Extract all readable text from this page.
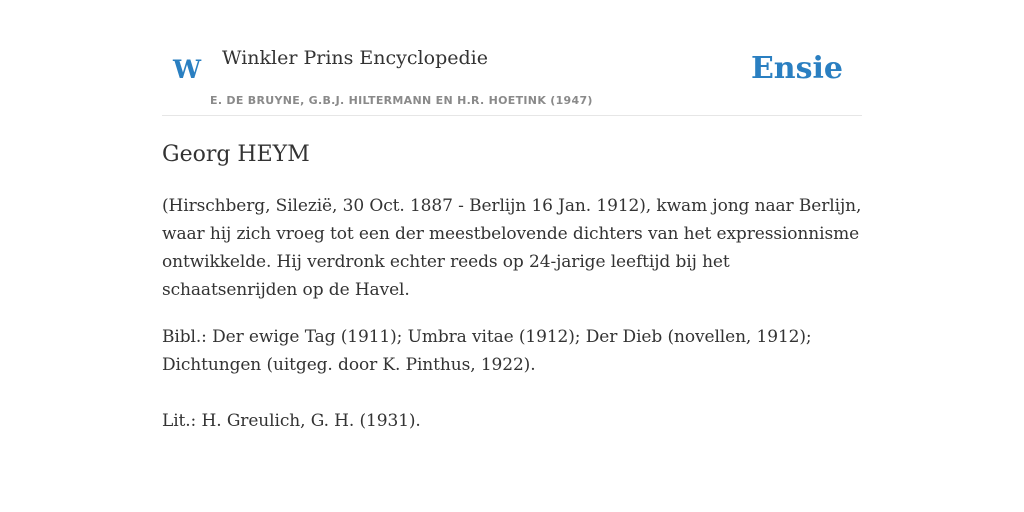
W Winkler Prins Encyclopedie
E. DE BRUYNE, G.B.J. HILTERMANN EN H.R. HOETINK (1947)
Ensie
Georg HEYM

(Hirschberg, Silezië, 30 Oct. 1887 - Berlijn 16 Jan. 1912), kwam jong naar Berlijn, waar hij zich vroeg tot een der meestbelovende dichters van het expressionnisme ontwikkelde. Hij verdronk echter reeds op 24-jarige leeftijd bij het schaatsenrijden op de Havel.

Bibl.: Der ewige Tag (1911); Umbra vitae (1912); Der Dieb (novellen, 1912); Dichtungen (uitgeg. door K. Pinthus, 1922).

Lit.: H. Greulich, G. H. (1931).
